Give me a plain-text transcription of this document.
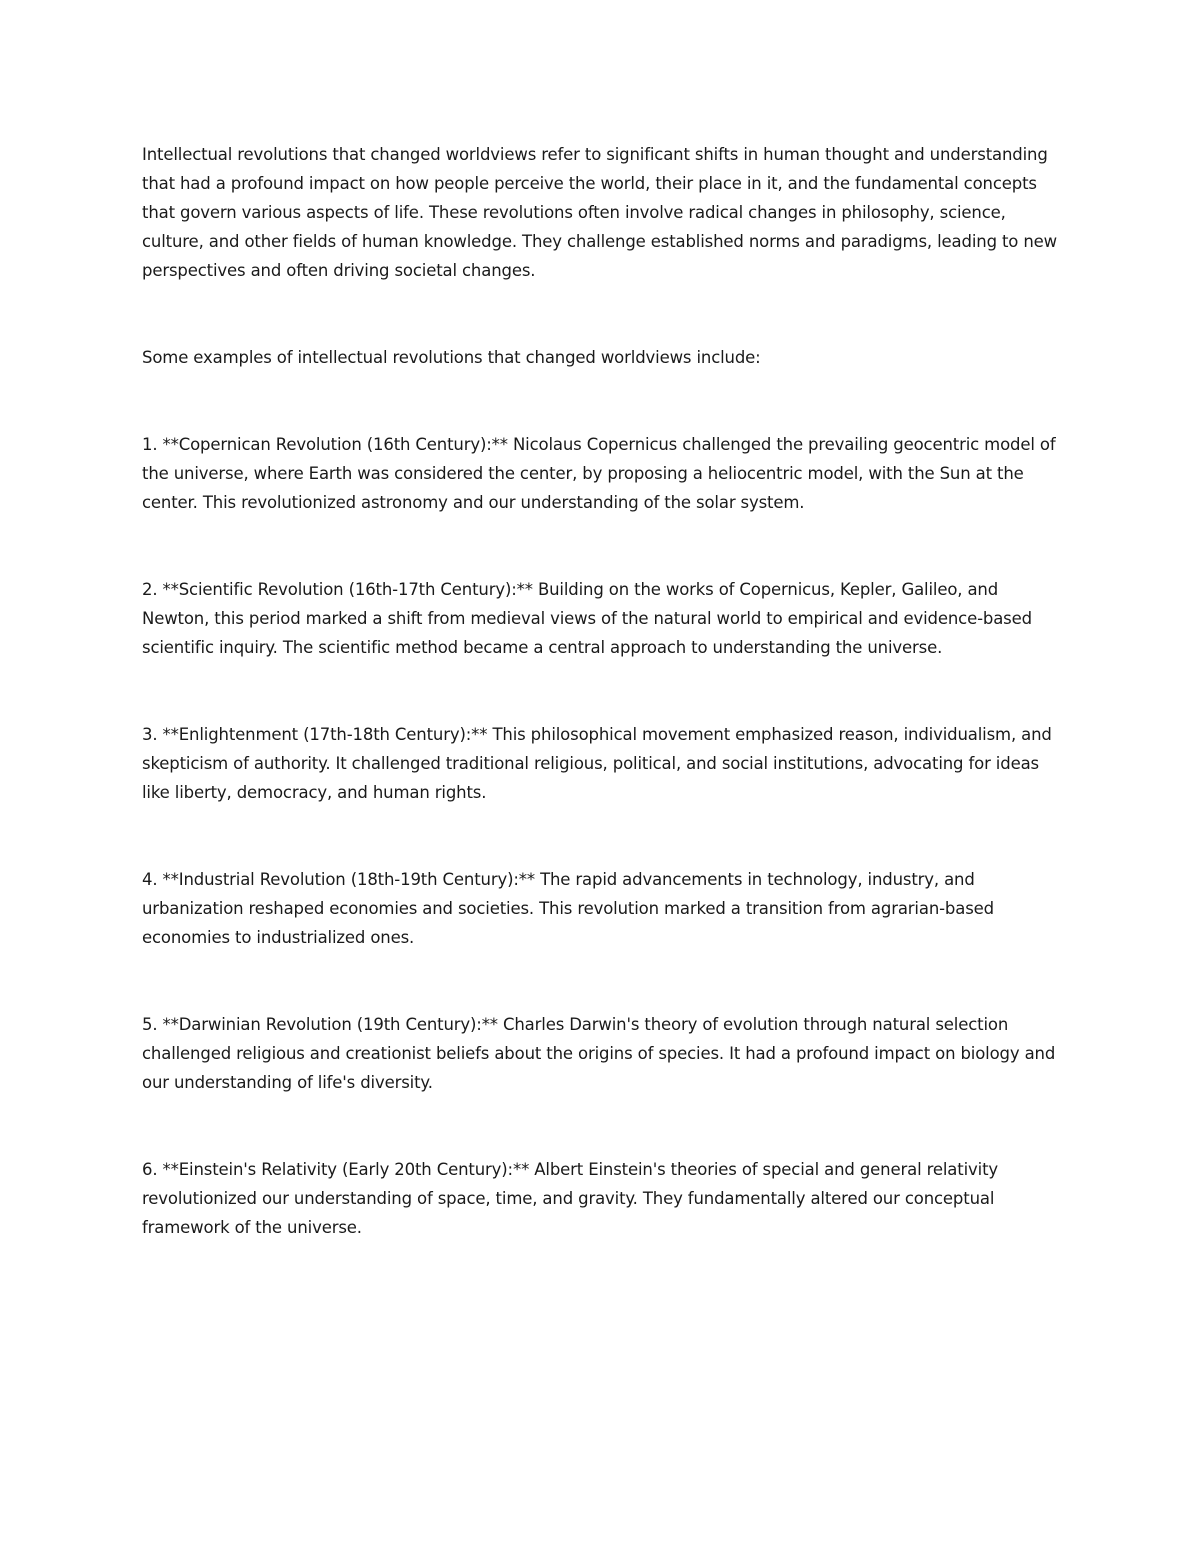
Intellectual revolutions that changed worldviews refer to significant shifts in human thought and understanding that had a profound impact on how people perceive the world, their place in it, and the fundamental concepts that govern various aspects of life. These revolutions often involve radical changes in philosophy, science, culture, and other fields of human knowledge. They challenge established norms and paradigms, leading to new perspectives and often driving societal changes.

Some examples of intellectual revolutions that changed worldviews include:

1. **Copernican Revolution (16th Century):** Nicolaus Copernicus challenged the prevailing geocentric model of the universe, where Earth was considered the center, by proposing a heliocentric model, with the Sun at the center. This revolutionized astronomy and our understanding of the solar system.

2. **Scientific Revolution (16th-17th Century):** Building on the works of Copernicus, Kepler, Galileo, and Newton, this period marked a shift from medieval views of the natural world to empirical and evidence-based scientific inquiry. The scientific method became a central approach to understanding the universe.

3. **Enlightenment (17th-18th Century):** This philosophical movement emphasized reason, individualism, and skepticism of authority. It challenged traditional religious, political, and social institutions, advocating for ideas like liberty, democracy, and human rights.

4. **Industrial Revolution (18th-19th Century):** The rapid advancements in technology, industry, and urbanization reshaped economies and societies. This revolution marked a transition from agrarian-based economies to industrialized ones.

5. **Darwinian Revolution (19th Century):** Charles Darwin's theory of evolution through natural selection challenged religious and creationist beliefs about the origins of species. It had a profound impact on biology and our understanding of life's diversity.

6. **Einstein's Relativity (Early 20th Century):** Albert Einstein's theories of special and general relativity revolutionized our understanding of space, time, and gravity. They fundamentally altered our conceptual framework of the universe.
